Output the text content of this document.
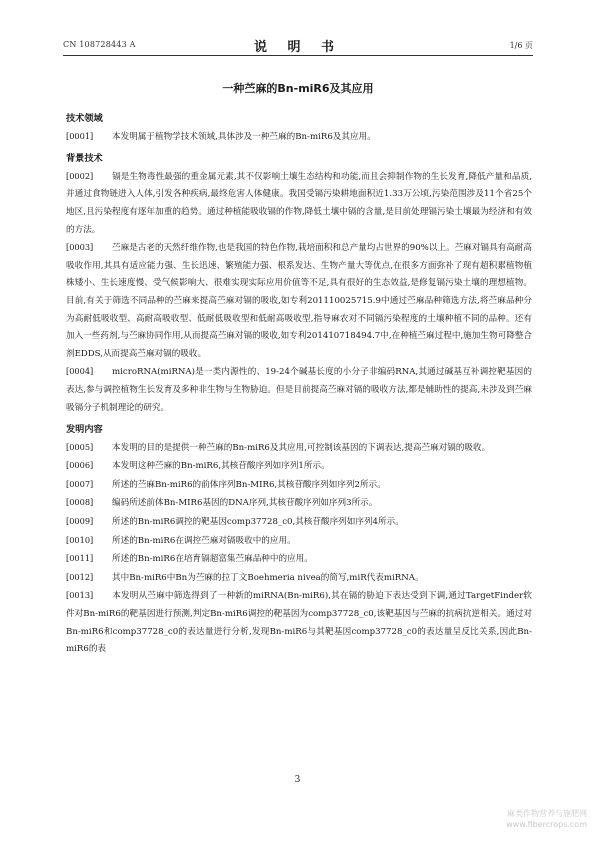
CN 108728443 A	说 明 书	1/6 页
一种苎麻的Bn-miR6及其应用
技术领域
[0001] 本发明属于植物学技术领域,具体涉及一种苎麻的Bn-miR6及其应用。
背景技术
[0002] 镉是生物毒性最强的重金属元素,其不仅影响土壤生态结构和功能,而且会抑制作物的生长发育,降低产量和品质,并通过食物链进入人体,引发各种疾病,最终危害人体健康。我国受镉污染耕地面积近1.33万公顷,污染范围涉及11个省25个地区,且污染程度有逐年加重的趋势。通过种植能吸收镉的作物,降低土壤中镉的含量,是目前处理镉污染土壤最为经济和有效的方法。
[0003] 苎麻是古老的天然纤维作物,也是我国的特色作物,栽培面积和总产量均占世界的90%以上。苎麻对镉具有高耐高吸收作用,其具有适应能力强、生长迅速、繁殖能力强、根系发达、生物产量大等优点,在很多方面弥补了现有超积累植物植株矮小、生长速度慢、受气候影响大、很难实现实际应用价值等不足,具有很好的生态效益,是修复镉污染土壤的理想植物。目前,有关于筛选不同品种的苎麻来提高苎麻对镉的吸收,如专利201110025715.9中通过苎麻品种筛选方法,将苎麻品种分为高耐低吸收型、高耐高吸收型、低耐低吸收型和低耐高吸收型,指导麻农对不同镉污染程度的土壤种植不同的品种。还有加入一些药剂,与苎麻协同作用,从而提高苎麻对镉的吸收,如专利201410718494.7中,在种植苎麻过程中,施加生物可降整合剂EDDS,从而提高苎麻对镉的吸收。
[0004] microRNA(miRNA)是一类内源性的、19-24个碱基长度的小分子非编码RNA,其通过碱基互补调控靶基因的表达,参与调控植物生长发育及多种非生物与生物胁迫。但是目前提高苎麻对镉的吸收方法,都是辅助性的提高,未涉及到苎麻吸镉分子机制理论的研究。
发明内容
[0005] 本发明的目的是提供一种苎麻的Bn-miR6及其应用,可控制该基因的下调表达,提高苎麻对镉的吸收。
[0006] 本发明这种苎麻的Bn-miR6,其核苷酸序列如序列1所示。
[0007] 所述的苎麻Bn-miR6的前体序列Bn-MIR6,其核苷酸序列如序列2所示。
[0008] 编码所述前体Bn-MIR6基因的DNA序列,其核苷酸序列如序列3所示。
[0009] 所述的Bn-miR6调控的靶基因comp37728_c0,其核苷酸序列如序列4所示。
[0010] 所述的Bn-miR6在调控苎麻对镉吸收中的应用。
[0011] 所述的Bn-miR6在培育镉超富集苎麻品种中的应用。
[0012] 其中Bn-miR6中Bn为苎麻的拉丁文Boehmeria nivea的简写,miR代表miRNA。
[0013] 本发明从苎麻中筛选得到了一种新的miRNA(Bn-miR6),其在镉的胁迫下表达受到下调,通过TargetFinder软件对Bn-miR6的靶基因进行预测,判定Bn-miR6调控的靶基因为comp37728_c0,该靶基因与苎麻的抗病抗逆相关。通过对Bn-miR6和comp37728_c0的表达量进行分析,发现Bn-miR6与其靶基因comp37728_c0的表达量呈反比关系,因此Bn-miR6的表
3
麻类作物营养与施肥网
www.fibercrops.com
